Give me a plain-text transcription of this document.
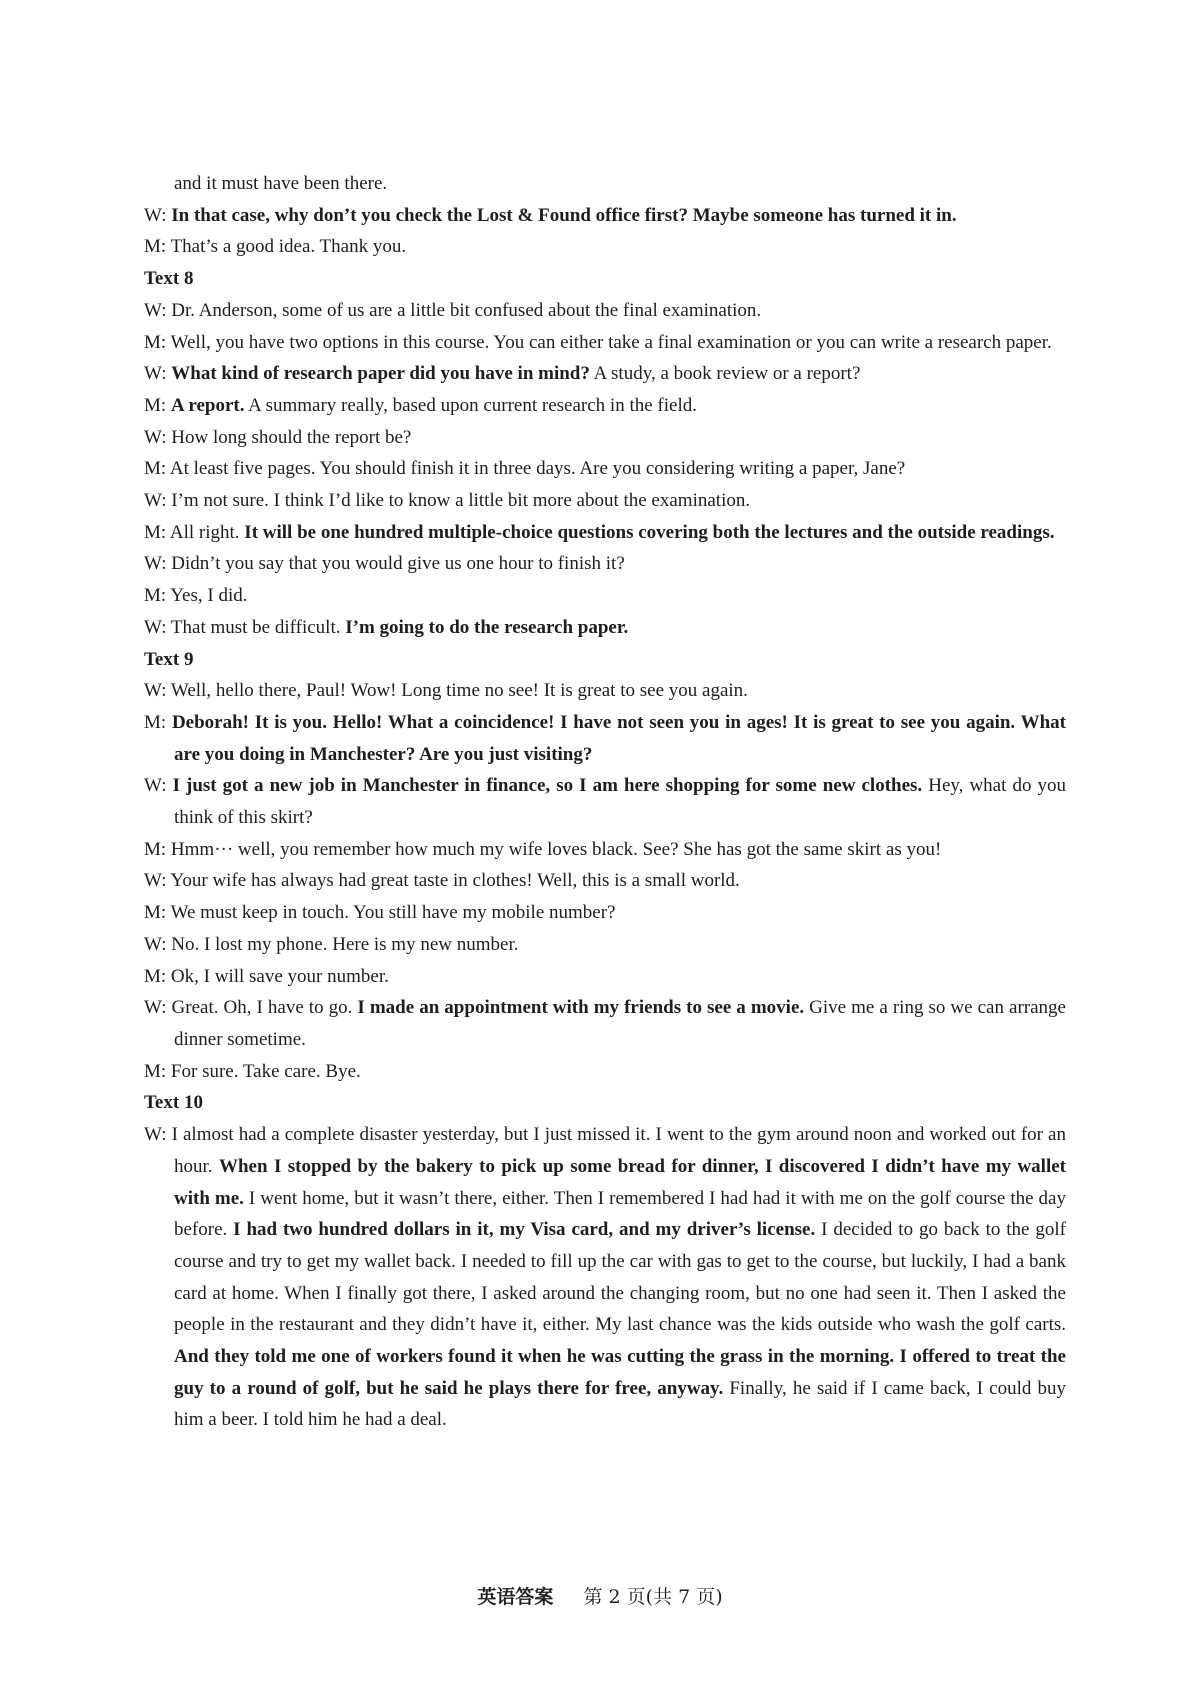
and it must have been there.
W: In that case, why don’t you check the Lost & Found office first? Maybe someone has turned it in.
M: That’s a good idea. Thank you.
Text 8
W: Dr. Anderson, some of us are a little bit confused about the final examination.
M: Well, you have two options in this course. You can either take a final examination or you can write a research paper.
W: What kind of research paper did you have in mind? A study, a book review or a report?
M: A report. A summary really, based upon current research in the field.
W: How long should the report be?
M: At least five pages. You should finish it in three days. Are you considering writing a paper, Jane?
W: I’m not sure. I think I’d like to know a little bit more about the examination.
M: All right. It will be one hundred multiple-choice questions covering both the lectures and the outside readings.
W: Didn’t you say that you would give us one hour to finish it?
M: Yes, I did.
W: That must be difficult. I’m going to do the research paper.
Text 9
W: Well, hello there, Paul! Wow! Long time no see! It is great to see you again.
M: Deborah! It is you. Hello! What a coincidence! I have not seen you in ages! It is great to see you again. What are you doing in Manchester? Are you just visiting?
W: I just got a new job in Manchester in finance, so I am here shopping for some new clothes. Hey, what do you think of this skirt?
M: Hmm··· well, you remember how much my wife loves black. See? She has got the same skirt as you!
W: Your wife has always had great taste in clothes! Well, this is a small world.
M: We must keep in touch. You still have my mobile number?
W: No. I lost my phone. Here is my new number.
M: Ok, I will save your number.
W: Great. Oh, I have to go. I made an appointment with my friends to see a movie. Give me a ring so we can arrange dinner sometime.
M: For sure. Take care. Bye.
Text 10
W: I almost had a complete disaster yesterday, but I just missed it. I went to the gym around noon and worked out for an hour. When I stopped by the bakery to pick up some bread for dinner, I discovered I didn’t have my wallet with me. I went home, but it wasn’t there, either. Then I remembered I had had it with me on the golf course the day before. I had two hundred dollars in it, my Visa card, and my driver’s license. I decided to go back to the golf course and try to get my wallet back. I needed to fill up the car with gas to get to the course, but luckily, I had a bank card at home. When I finally got there, I asked around the changing room, but no one had seen it. Then I asked the people in the restaurant and they didn’t have it, either. My last chance was the kids outside who wash the golf carts. And they told me one of workers found it when he was cutting the grass in the morning. I offered to treat the guy to a round of golf, but he said he plays there for free, anyway. Finally, he said if I came back, I could buy him a beer. I told him he had a deal.
英语答案 第 2 页(共 7 页)
